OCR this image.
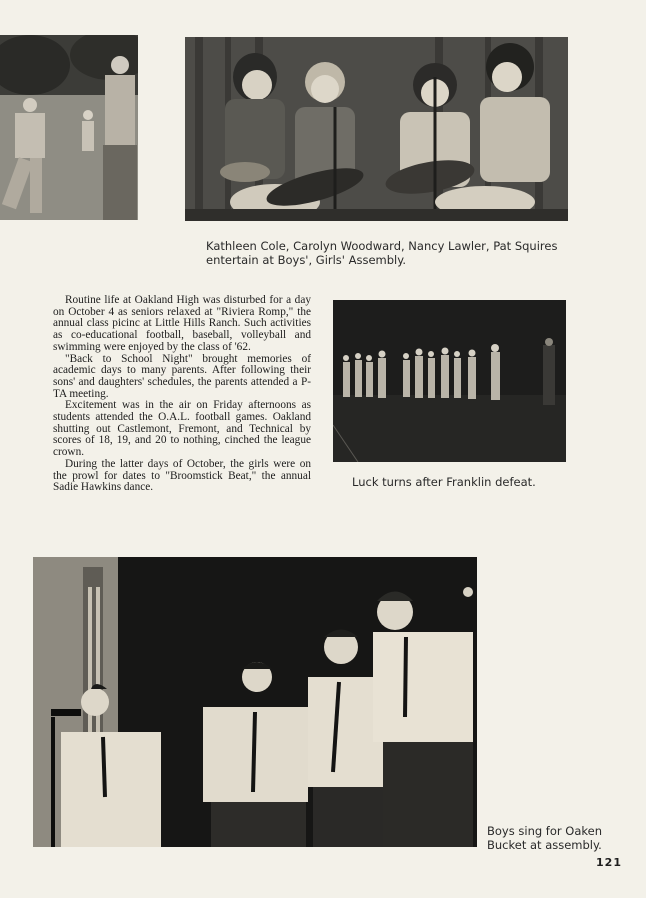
Kathleen Cole, Carolyn Woodward, Nancy Lawler, Pat Squires
entertain at Boys', Girls' Assembly.

Routine life at Oakland High was disturbed for a day on October 4 as seniors relaxed at "Riviera Romp," the annual class picinc at Little Hills Ranch. Such activities as co-educational football, baseball, volleyball and swimming were enjoyed by the class of '62.

"Back to School Night" brought memories of academic days to many parents. After following their sons' and daughters' schedules, the parents attended a P-TA meeting.

Excitement was in the air on Friday afternoons as students attended the O.A.L. football games. Oakland shutting out Castlemont, Fremont, and Technical by scores of 18, 19, and 20 to nothing, cinched the league crown.

During the latter days of October, the girls were on the prowl for dates to "Broomstick Beat," the annual Sadie Hawkins dance.	Luck turns after Franklin defeat.
Boys sing for Oaken
Bucket at assembly.
121
